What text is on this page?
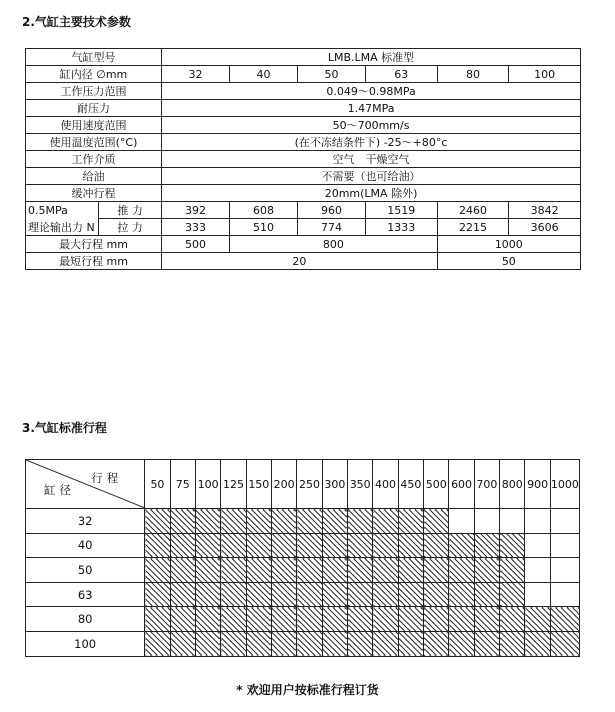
2.气缸主要技术参数
气缸型号		LMB.LMA 标准型					
缸内径 ∅mm		32	40	50	63	80	100
工作压力范围		0.049～0.98MPa					
耐压力		1.47MPa					
使用速度范围		50～700mm/s					
使用温度范围(°C)		(在不冻结条件下) -25～+80°c					
工作介质		空气　干燥空气					
给油		不需要（也可给油）					
缓冲行程		20mm(LMA 除外)					
0.5MPa	推 力	392	608	960	1519	2460	3842
理论输出力 N	拉 力	333	510	774	1333	2215	3606
最大行程 mm		500	800			1000	
最短行程 mm		20				50	
3.气缸标准行程
行程
缸径	50	75	100	125	150	200	250	300	350	400	450	500	600	700	800	900	1000
32																	
40																	
50																	
63																	
80																	
100																	
* 欢迎用户按标准行程订货
